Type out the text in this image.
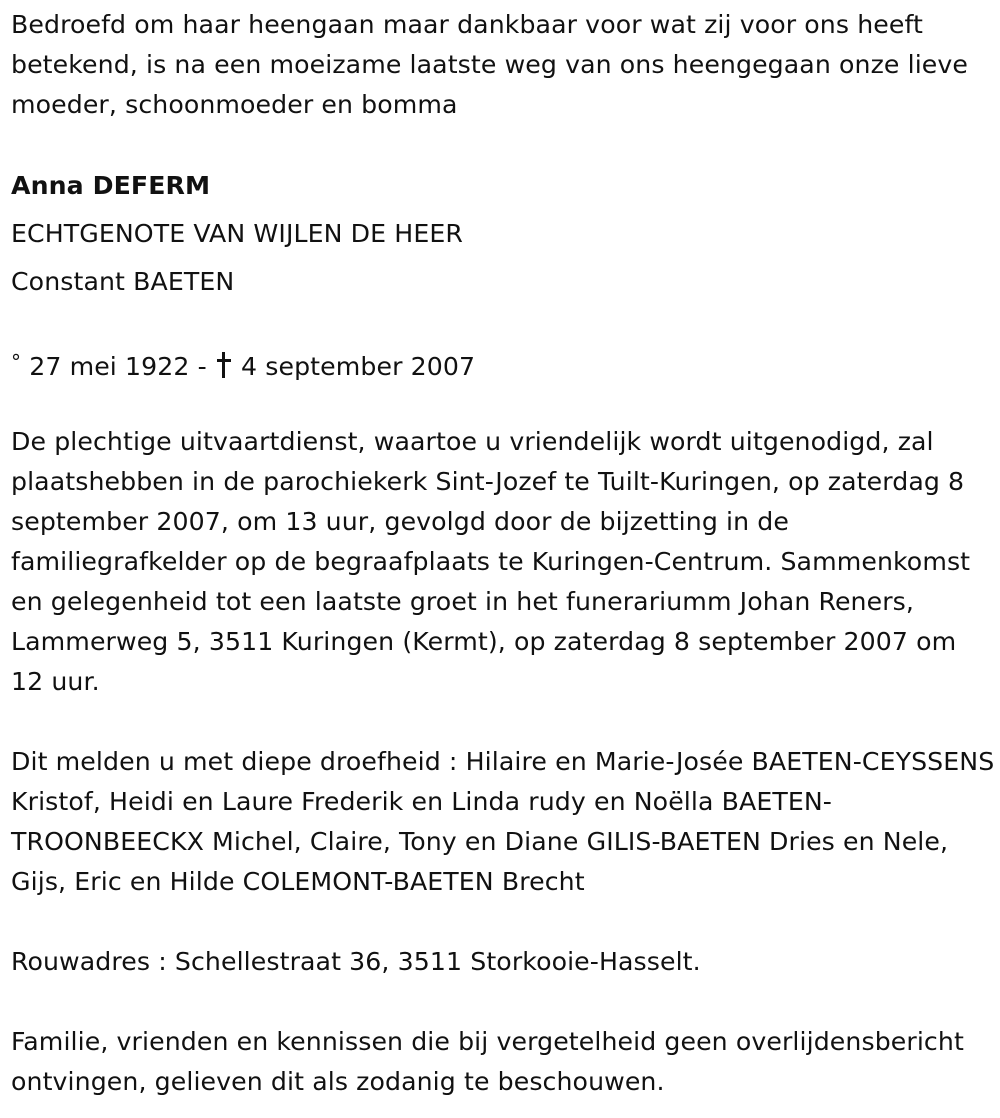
Bedroefd om haar heengaan maar dankbaar voor wat zij voor ons heeft betekend, is na een moeizame laatste weg van ons heengegaan onze lieve moeder, schoonmoeder en bomma

Anna DEFERM

ECHTGENOTE VAN WIJLEN DE HEER

Constant BAETEN

° 27 mei 1922 - 4 september 2007

De plechtige uitvaartdienst, waartoe u vriendelijk wordt uitgenodigd, zal plaatshebben in de parochiekerk Sint-Jozef te Tuilt-Kuringen, op zaterdag 8 september 2007, om 13 uur, gevolgd door de bijzetting in de familiegrafkelder op de begraafplaats te Kuringen-Centrum. Sammenkomst en gelegenheid tot een laatste groet in het funerariumm Johan Reners, Lammerweg 5, 3511 Kuringen (Kermt), op zaterdag 8 september 2007 om 12 uur.

Dit melden u met diepe droefheid : Hilaire en Marie-Josée BAETEN-CEYSSENS Kristof, Heidi en Laure Frederik en Linda rudy en Noëlla BAETEN-TROONBEECKX Michel, Claire, Tony en Diane GILIS-BAETEN Dries en Nele, Gijs, Eric en Hilde COLEMONT-BAETEN Brecht

Rouwadres : Schellestraat 36, 3511 Storkooie-Hasselt.

Familie, vrienden en kennissen die bij vergetelheid geen overlijdensbericht ontvingen, gelieven dit als zodanig te beschouwen.
